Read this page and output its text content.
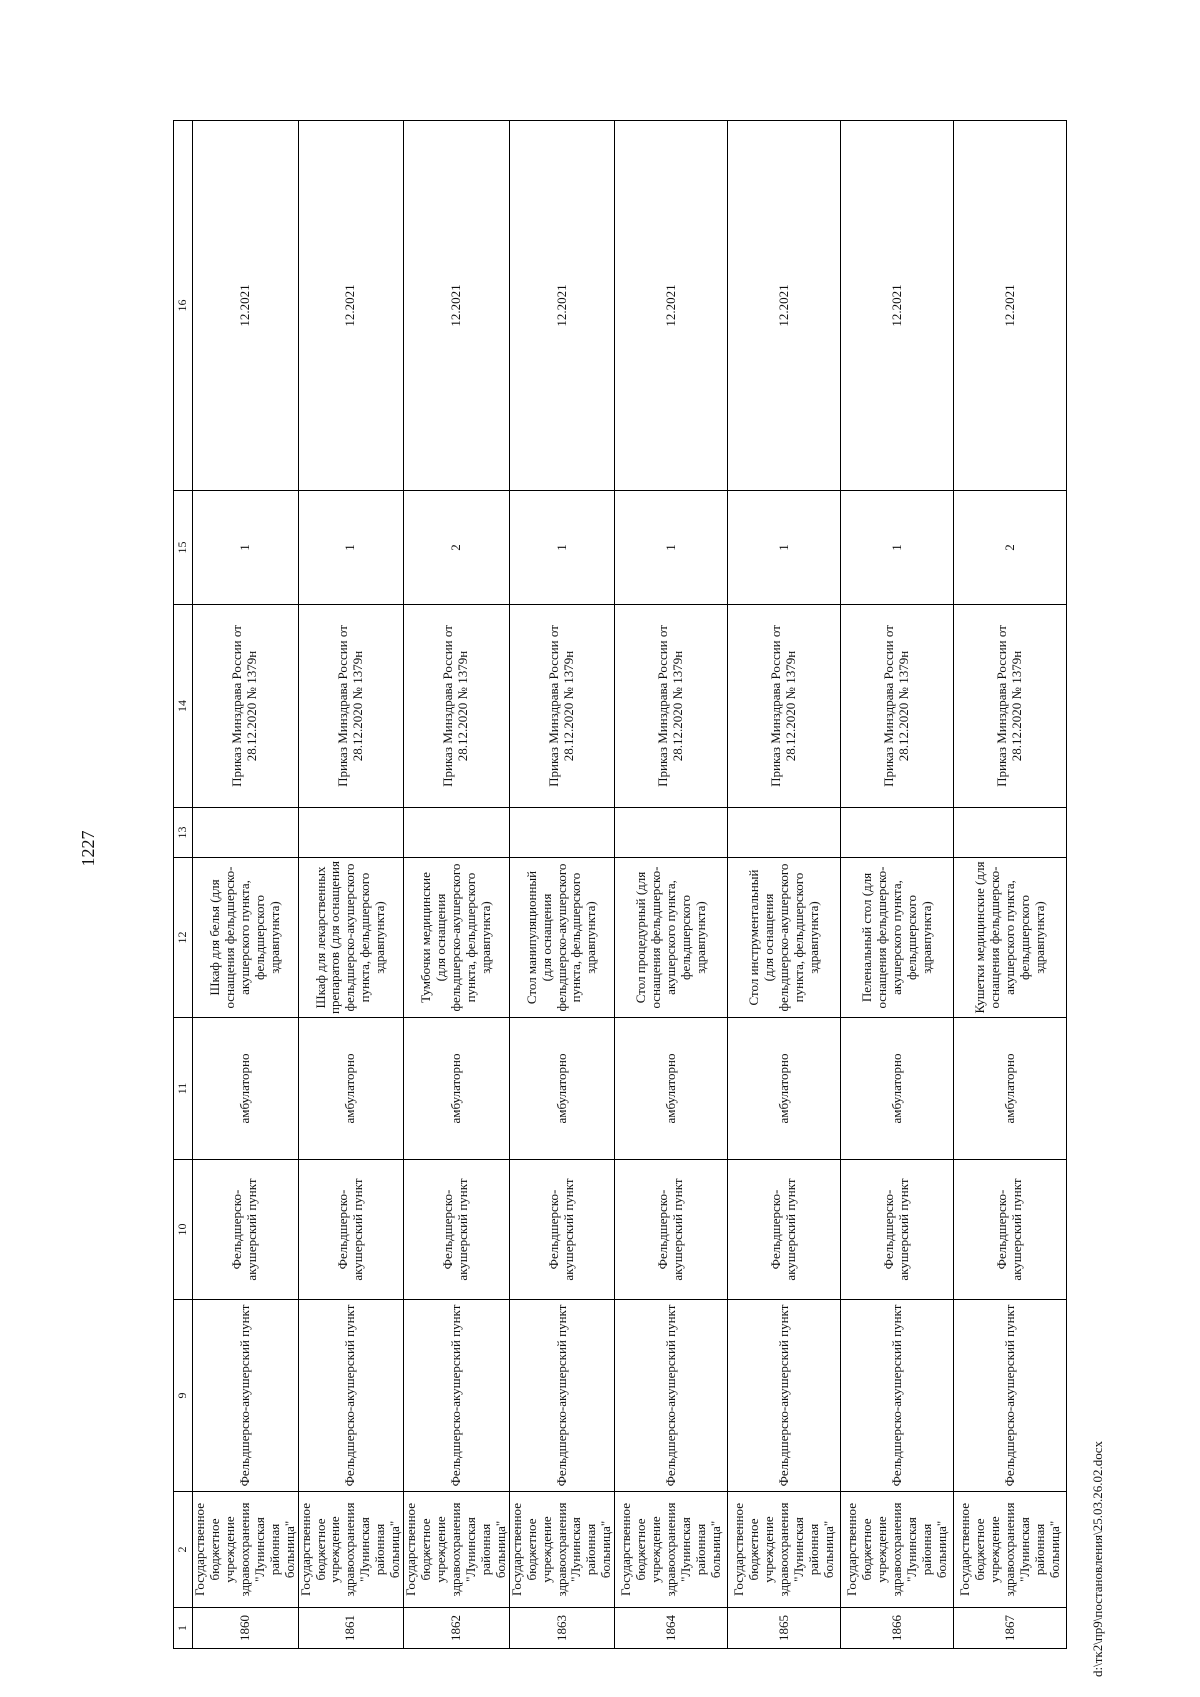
1227
1	2	9	10	11	12	13	14	15	16
1860	Государственное бюджетное учреждение здравоохранения "Лунинская районная больница"	Фельдшерско-акушерский пункт	Фельдшерско-акушерский пункт	амбулаторно	Шкаф для белья (для оснащения фельдшерско-акушерского пункта, фельдшерского здравпункта)		Приказ Минздрава России от 28.12.2020 № 1379н	1	12.2021
1861	Государственное бюджетное учреждение здравоохранения "Лунинская районная больница"	Фельдшерско-акушерский пункт	Фельдшерско-акушерский пункт	амбулаторно	Шкаф для лекарственных препаратов (для оснащения фельдшерско-акушерского пункта, фельдшерского здравпункта)		Приказ Минздрава России от 28.12.2020 № 1379н	1	12.2021
1862	Государственное бюджетное учреждение здравоохранения "Лунинская районная больница"	Фельдшерско-акушерский пункт	Фельдшерско-акушерский пункт	амбулаторно	Тумбочки медицинские (для оснащения фельдшерско-акушерского пункта, фельдшерского здравпункта)		Приказ Минздрава России от 28.12.2020 № 1379н	2	12.2021
1863	Государственное бюджетное учреждение здравоохранения "Лунинская районная больница"	Фельдшерско-акушерский пункт	Фельдшерско-акушерский пункт	амбулаторно	Стол манипуляционный (для оснащения фельдшерско-акушерского пункта, фельдшерского здравпункта)		Приказ Минздрава России от 28.12.2020 № 1379н	1	12.2021
1864	Государственное бюджетное учреждение здравоохранения "Лунинская районная больница"	Фельдшерско-акушерский пункт	Фельдшерско-акушерский пункт	амбулаторно	Стол процедурный (для оснащения фельдшерско-акушерского пункта, фельдшерского здравпункта)		Приказ Минздрава России от 28.12.2020 № 1379н	1	12.2021
1865	Государственное бюджетное учреждение здравоохранения "Лунинская районная больница"	Фельдшерско-акушерский пункт	Фельдшерско-акушерский пункт	амбулаторно	Стол инструментальный (для оснащения фельдшерско-акушерского пункта, фельдшерского здравпункта)		Приказ Минздрава России от 28.12.2020 № 1379н	1	12.2021
1866	Государственное бюджетное учреждение здравоохранения "Лунинская районная больница"	Фельдшерско-акушерский пункт	Фельдшерско-акушерский пункт	амбулаторно	Пеленальный стол (для оснащения фельдшерско-акушерского пункта, фельдшерского здравпункта)		Приказ Минздрава России от 28.12.2020 № 1379н	1	12.2021
1867	Государственное бюджетное учреждение здравоохранения "Лунинская районная больница"	Фельдшерско-акушерский пункт	Фельдшерско-акушерский пункт	амбулаторно	Кушетки медицинские (для оснащения фельдшерско-акушерского пункта, фельдшерского здравпункта)		Приказ Минздрава России от 28.12.2020 № 1379н	2	12.2021
d:\тк2\пр9\постановления\25.03.26.02.docx
